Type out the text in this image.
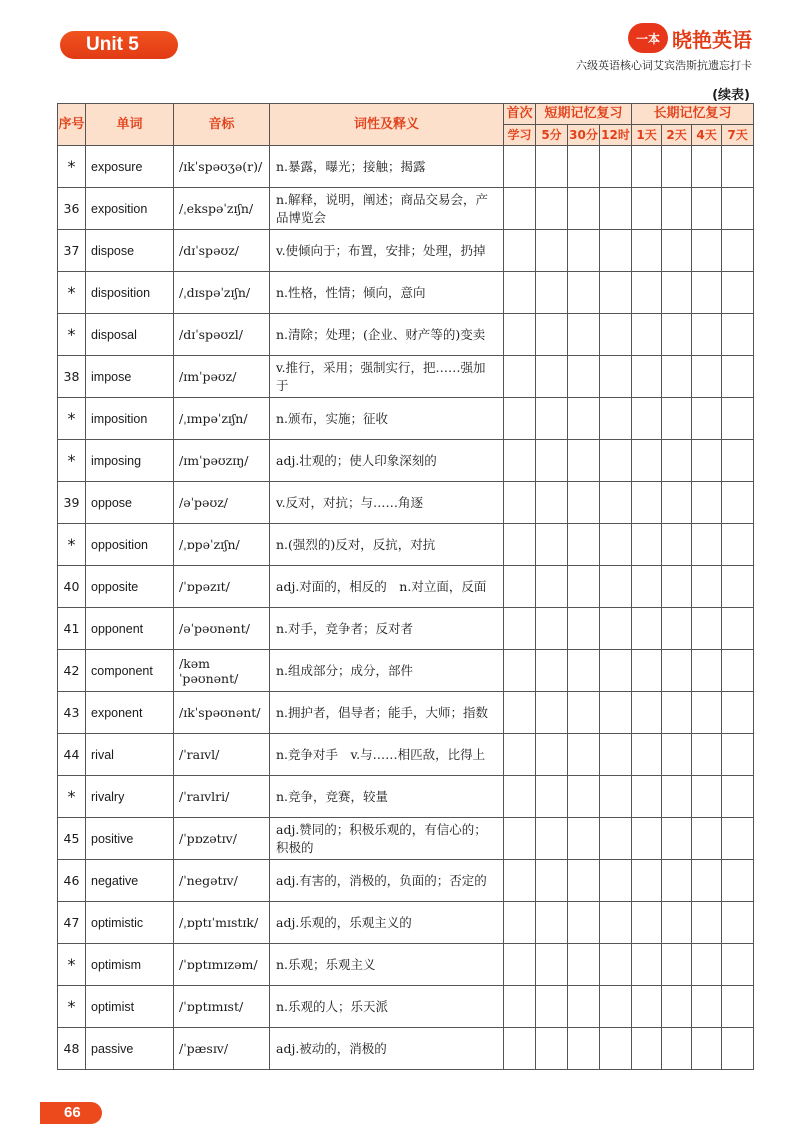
Unit 5	一本 晓艳英语
六级英语核心词艾宾浩斯抗遗忘打卡
(续表)
序号	单词	音标	词性及释义	首次	短期记忆复习			长期记忆复习			
				学习	5分	30分	12时	1天	2天	4天	7天
*	exposure	/ɪkˈspəʊʒə(r)/	n.暴露，曝光；接触；揭露								
36	exposition	/ˌekspəˈzɪʃn/	n.解释，说明，阐述；商品交易会，产品博览会								
37	dispose	/dɪˈspəʊz/	v.使倾向于；布置，安排；处理，扔掉								
*	disposition	/ˌdɪspəˈzɪʃn/	n.性格，性情；倾向，意向								
*	disposal	/dɪˈspəʊzl/	n.清除；处理；(企业、财产等的)变卖								
38	impose	/ɪmˈpəʊz/	v.推行，采用；强制实行，把……强加于								
*	imposition	/ˌɪmpəˈzɪʃn/	n.颁布，实施；征收								
*	imposing	/ɪmˈpəʊzɪŋ/	adj.壮观的；使人印象深刻的								
39	oppose	/əˈpəʊz/	v.反对，对抗；与……角逐								
*	opposition	/ˌɒpəˈzɪʃn/	n.(强烈的)反对，反抗，对抗								
40	opposite	/ˈɒpəzɪt/	adj.对面的，相反的　n.对立面，反面								
41	opponent	/əˈpəʊnənt/	n.对手，竞争者；反对者								
42	component	/kəmˈpəʊnənt/	n.组成部分；成分，部件								
43	exponent	/ɪkˈspəʊnənt/	n.拥护者，倡导者；能手，大师；指数								
44	rival	/ˈraɪvl/	n.竞争对手　v.与……相匹敌，比得上								
*	rivalry	/ˈraɪvlri/	n.竞争，竞赛，较量								
45	positive	/ˈpɒzətɪv/	adj.赞同的；积极乐观的，有信心的；积极的								
46	negative	/ˈnegətɪv/	adj.有害的，消极的，负面的；否定的								
47	optimistic	/ˌɒptɪˈmɪstɪk/	adj.乐观的，乐观主义的								
*	optimism	/ˈɒptɪmɪzəm/	n.乐观；乐观主义								
*	optimist	/ˈɒptɪmɪst/	n.乐观的人；乐天派								
48	passive	/ˈpæsɪv/	adj.被动的，消极的								
66
